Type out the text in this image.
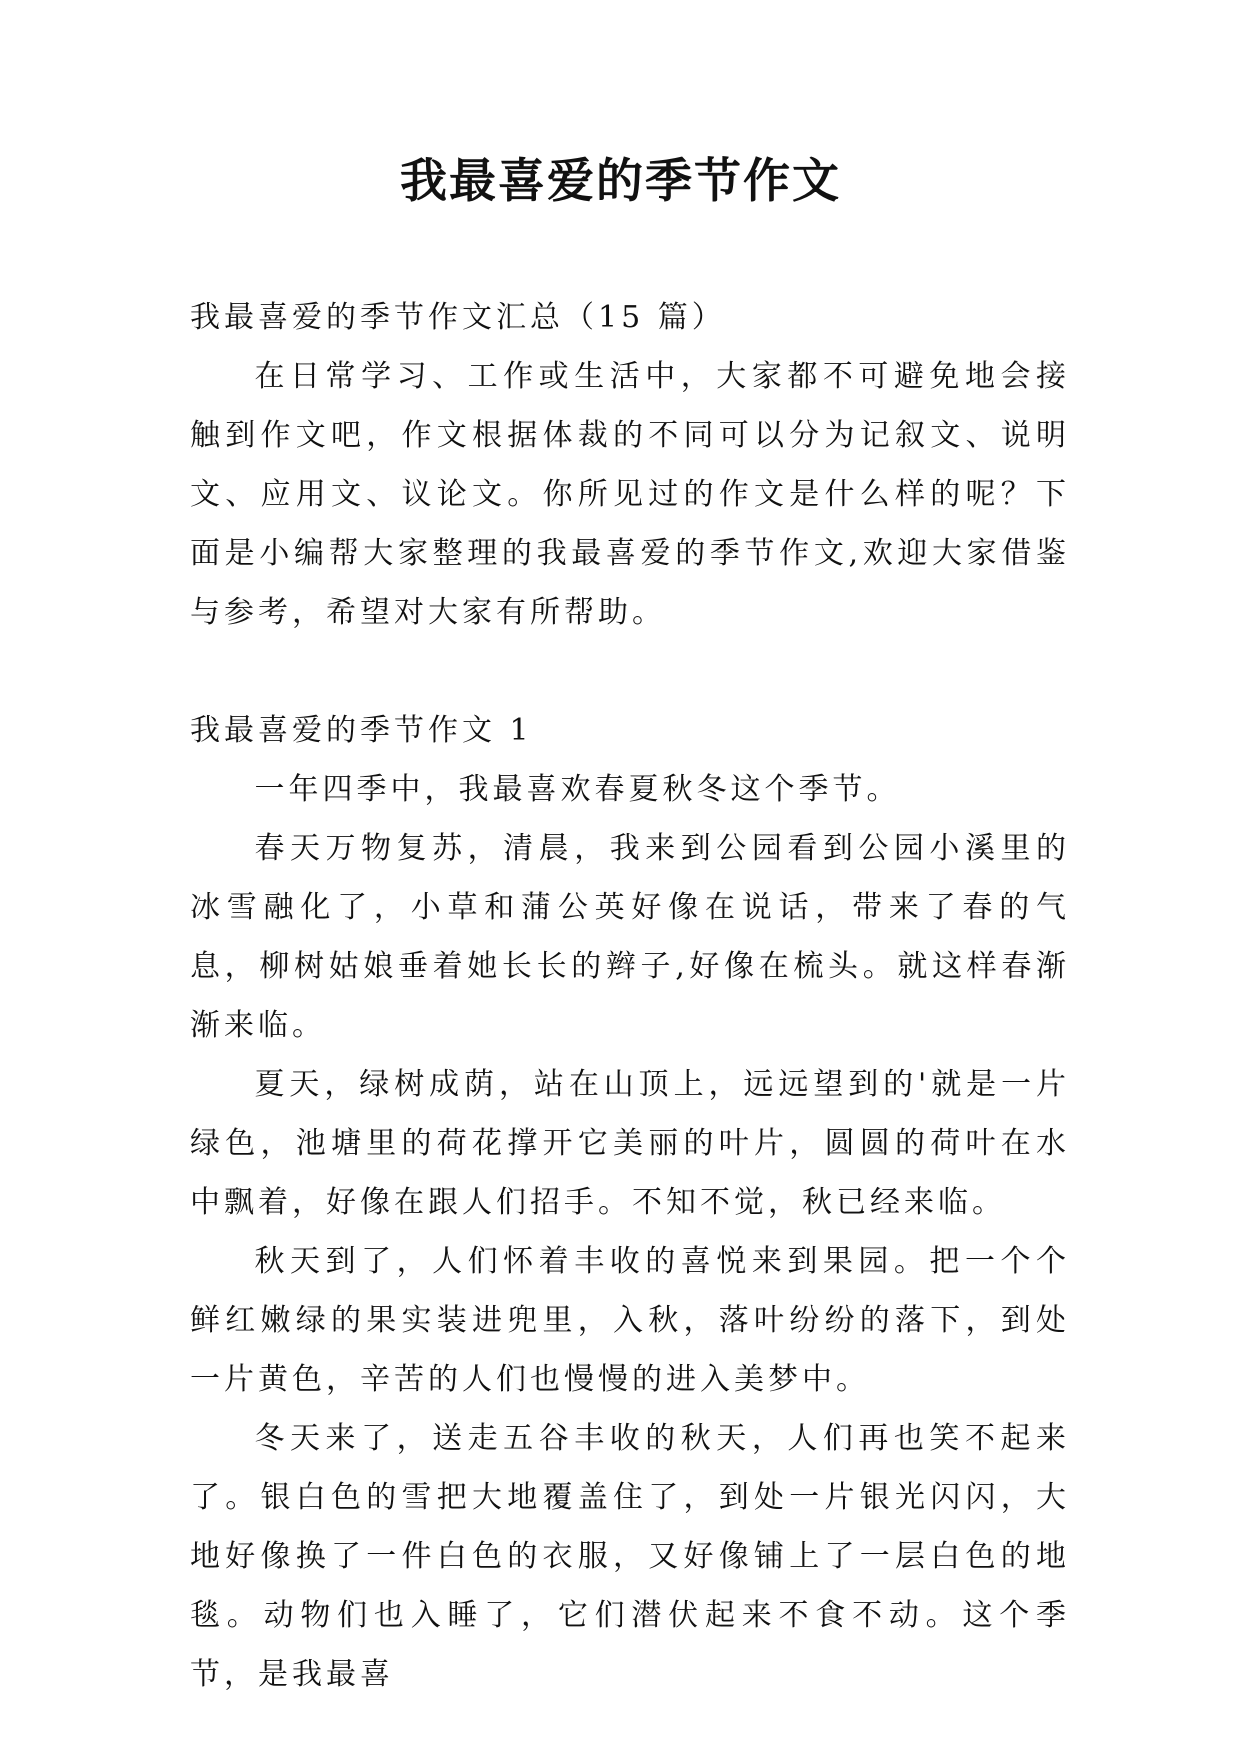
我最喜爱的季节作文

我最喜爱的季节作文汇总（15 篇）

在日常学习、工作或生活中，大家都不可避免地会接触到作文吧，作文根据体裁的不同可以分为记叙文、说明文、应用文、议论文。你所见过的作文是什么样的呢？下面是小编帮大家整理的我最喜爱的季节作文,欢迎大家借鉴与参考，希望对大家有所帮助。

我最喜爱的季节作文 1

一年四季中，我最喜欢春夏秋冬这个季节。

春天万物复苏，清晨，我来到公园看到公园小溪里的冰雪融化了，小草和蒲公英好像在说话，带来了春的气息，柳树姑娘垂着她长长的辫子,好像在梳头。就这样春渐渐来临。

夏天，绿树成荫，站在山顶上，远远望到的'就是一片绿色，池塘里的荷花撑开它美丽的叶片，圆圆的荷叶在水中飘着，好像在跟人们招手。不知不觉，秋已经来临。

秋天到了，人们怀着丰收的喜悦来到果园。把一个个鲜红嫩绿的果实装进兜里，入秋，落叶纷纷的落下，到处一片黄色，辛苦的人们也慢慢的进入美梦中。

冬天来了，送走五谷丰收的秋天，人们再也笑不起来了。银白色的雪把大地覆盖住了，到处一片银光闪闪，大地好像换了一件白色的衣服，又好像铺上了一层白色的地毯。动物们也入睡了，它们潜伏起来不食不动。这个季节，是我最喜
